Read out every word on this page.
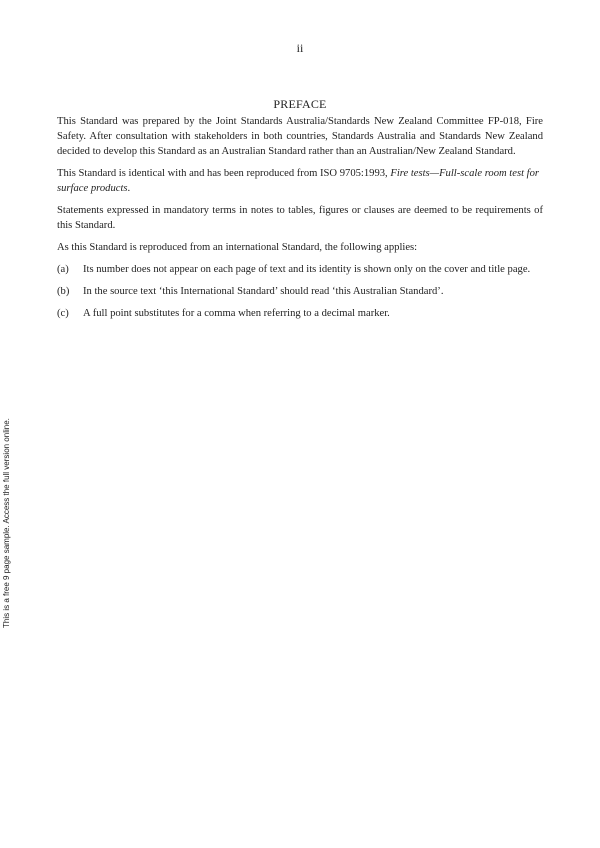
ii
PREFACE

This Standard was prepared by the Joint Standards Australia/Standards New Zealand Committee FP-018, Fire Safety. After consultation with stakeholders in both countries, Standards Australia and Standards New Zealand decided to develop this Standard as an Australian Standard rather than an Australian/New Zealand Standard.

This Standard is identical with and has been reproduced from ISO 9705:1993, Fire tests—Full-scale room test for surface products.

Statements expressed in mandatory terms in notes to tables, figures or clauses are deemed to be requirements of this Standard.

As this Standard is reproduced from an international Standard, the following applies:

(a)	Its number does not appear on each page of text and its identity is shown only on the cover and title page.
(b)	In the source text ‘this International Standard’ should read ‘this Australian Standard’.
(c)	A full point substitutes for a comma when referring to a decimal marker.
This is a free 9 page sample. Access the full version online.
